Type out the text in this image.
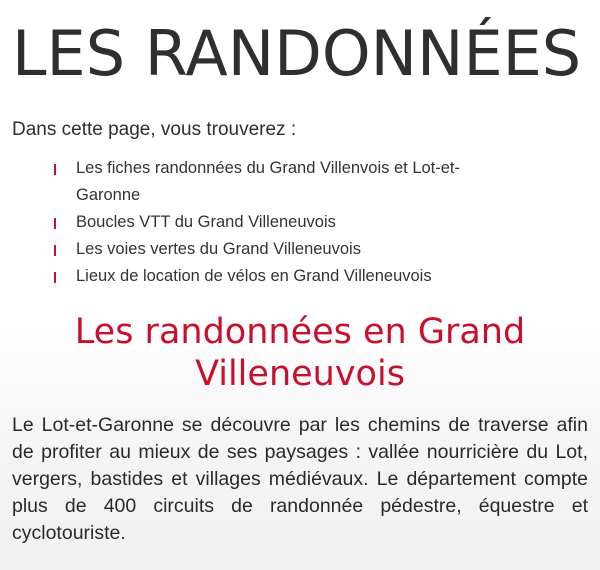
LES RANDONNÉES

Dans cette page, vous trouverez :

Les fiches randonnées du Grand Villenvois et Lot-et-Garonne
Boucles VTT du Grand Villeneuvois
Les voies vertes du Grand Villeneuvois
Lieux de location de vélos en Grand Villeneuvois
Les randonnées en Grand Villeneuvois

Le Lot-et-Garonne se découvre par les chemins de traverse afin de profiter au mieux de ses paysages : vallée nourricière du Lot, vergers, bastides et villages médiévaux. Le département compte plus de 400 circuits de randonnée pédestre, équestre et cyclotouriste.
